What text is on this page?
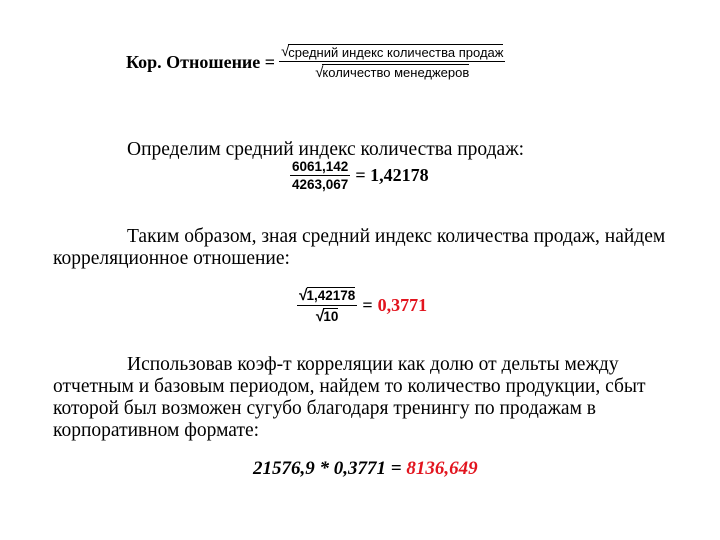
Кор. Отношение = $\frac{\text{√ средний индекс количества продаж}}{\text{√ количество менеджеров}}$

Определим средний индекс количества продаж:

$\frac{6061,142}{4263,067} = 1,42178$

Таким образом, зная средний индекс количества продаж, найдем

корреляционное отношение:

$\frac{√ 1,42178}{√ 10} = 0,3771$

Использовав коэф-т корреляции как долю от дельты между

отчетным и базовым периодом, найдем то количество продукции, сбыт

которой был возможен сугубо благодаря тренингу по продажам в

корпоративном формате:

21576,9 * 0,3771 = 8136,649
